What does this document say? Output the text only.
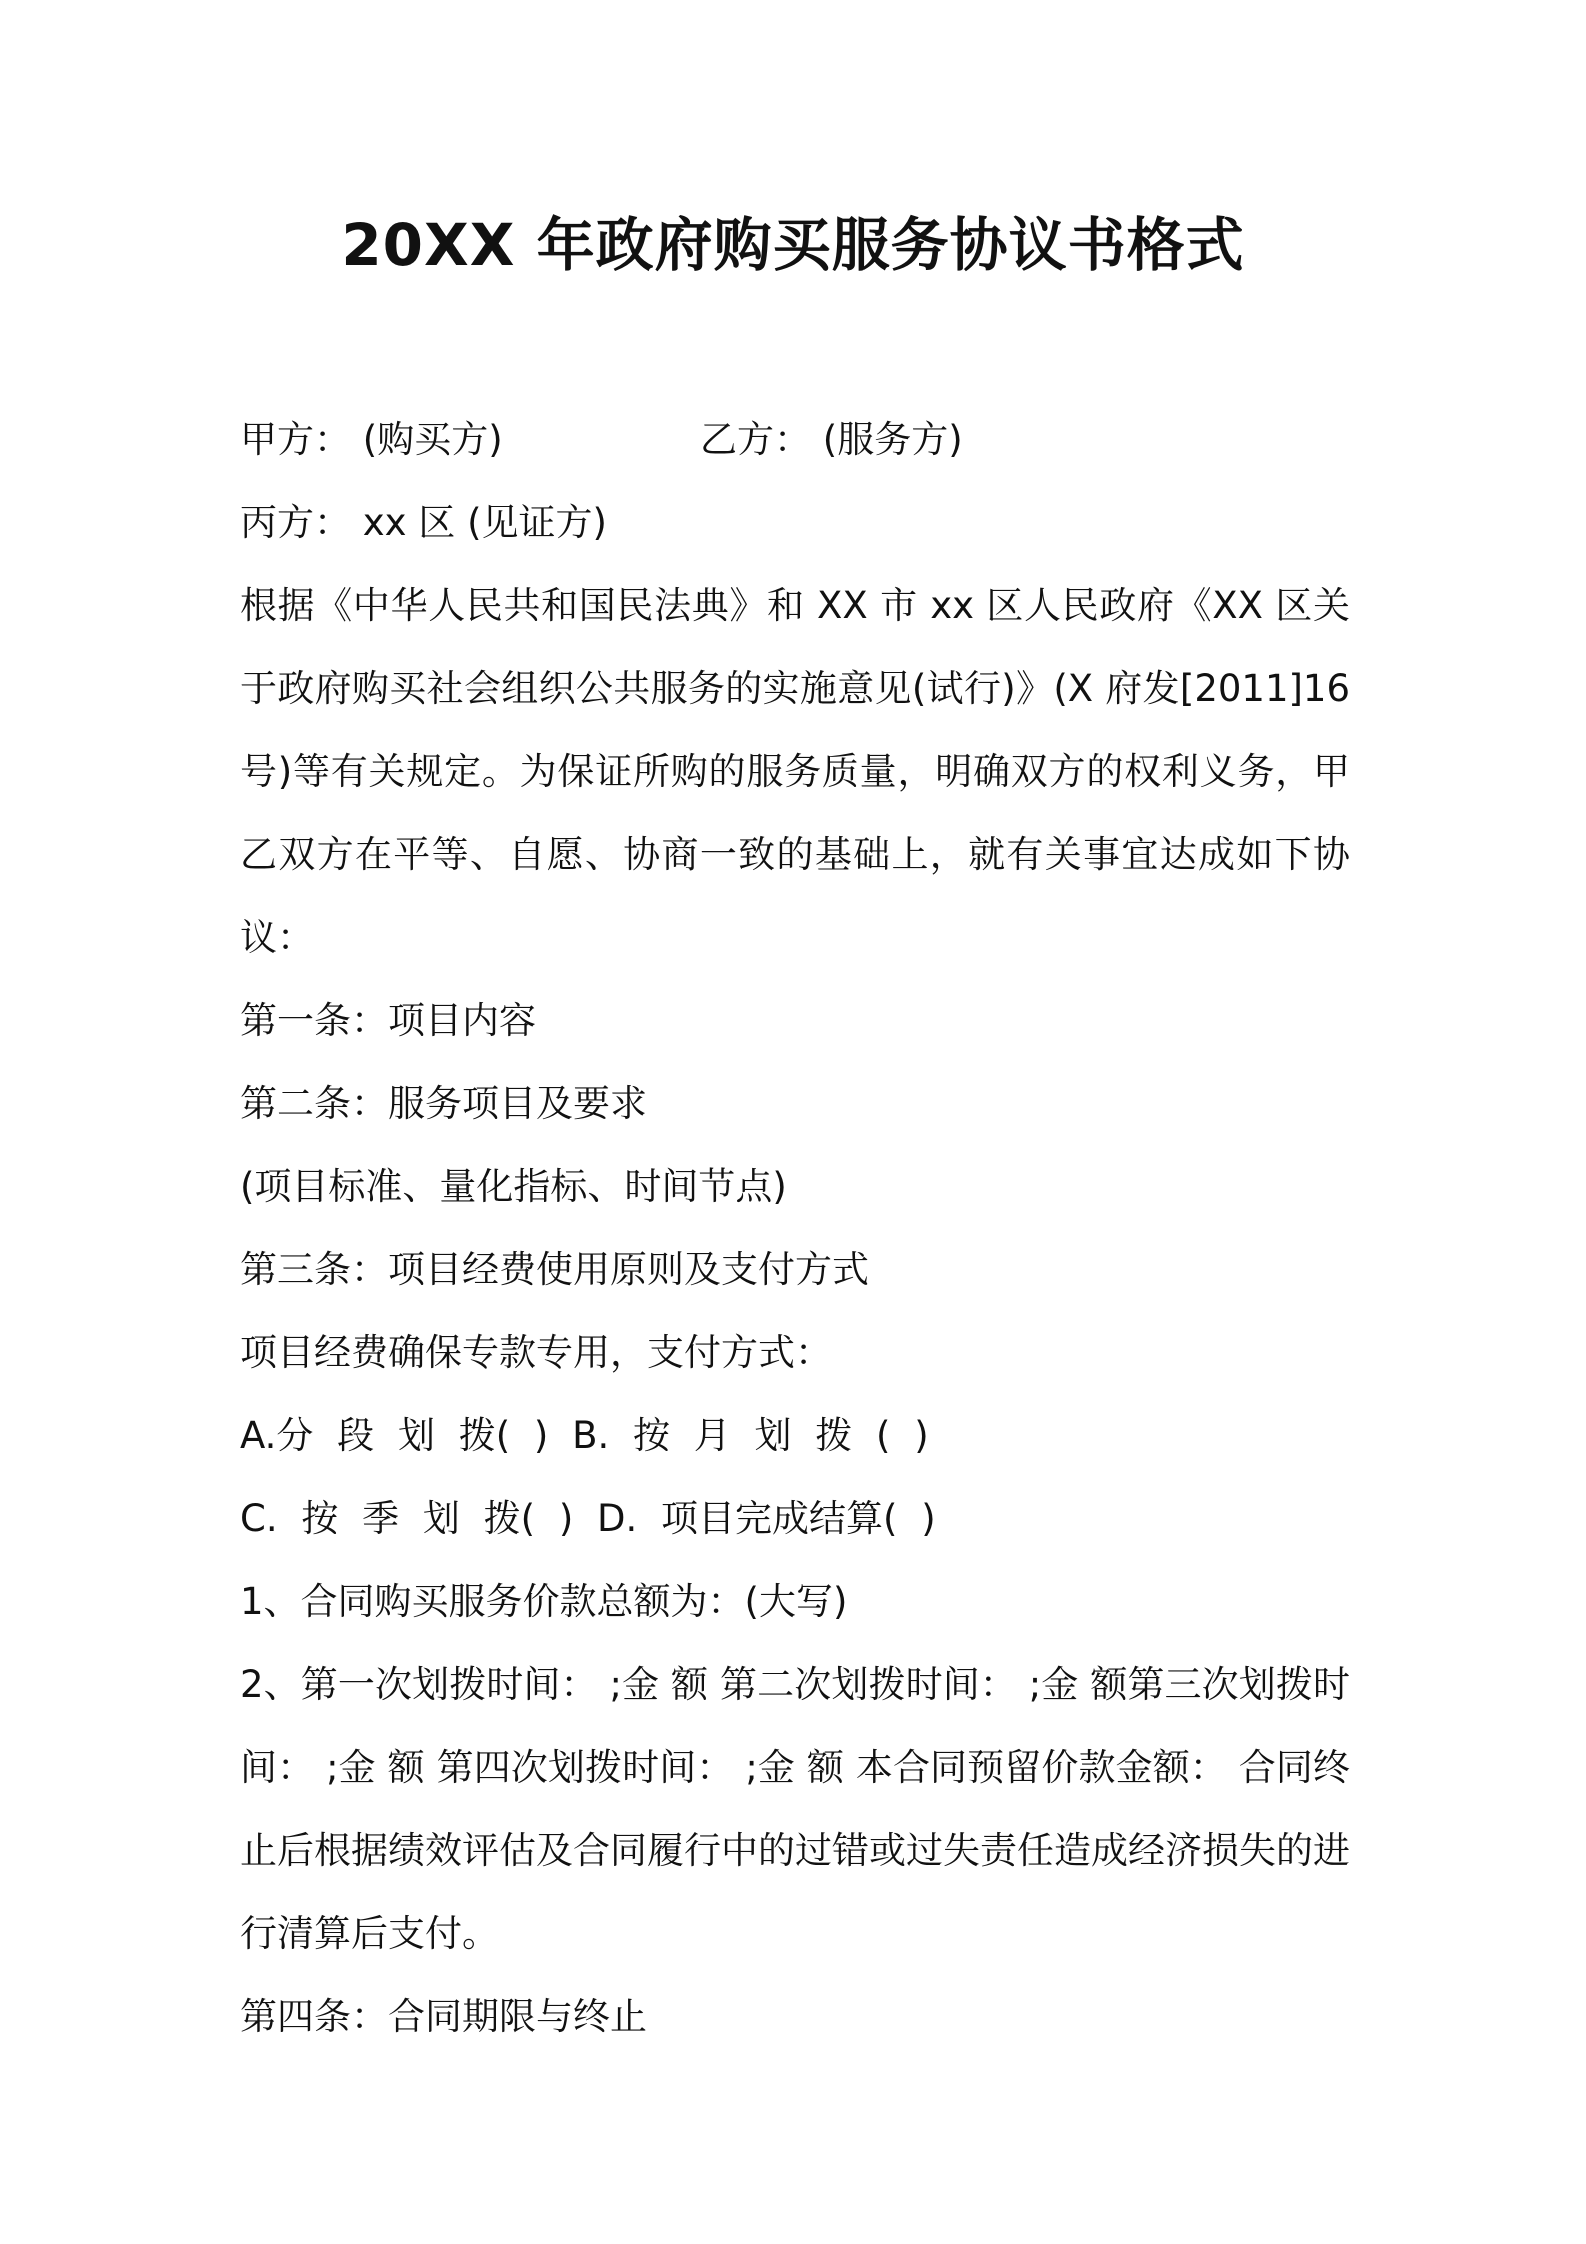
20XX 年政府购买服务协议书格式
甲方： (购买方)	乙方： (服务方)
丙方： xx 区 (见证方)
根据《中华人民共和国民法典》和 XX 市 xx 区人民政府《XX 区关于政府购买社会组织公共服务的实施意见(试行)》(X 府发[2011]16 号)等有关规定。为保证所购的服务质量，明确双方的权利义务，甲乙双方在平等、自愿、协商一致的基础上，就有关事宜达成如下协议：
第一条：项目内容
第二条：服务项目及要求
(项目标准、量化指标、时间节点)
第三条：项目经费使用原则及支付方式
项目经费确保专款专用，支付方式：
A.分 段 划 拨( ) B. 按 月 划 拨 ( )
C. 按 季 划 拨( ) D. 项目完成结算( )
1、合同购买服务价款总额为：(大写)
2、第一次划拨时间： ;金 额 第二次划拨时间： ;金 额第三次划拨时间： ;金 额 第四次划拨时间： ;金 额 本合同预留价款金额： 合同终止后根据绩效评估及合同履行中的过错或过失责任造成经济损失的进行清算后支付。
第四条：合同期限与终止
